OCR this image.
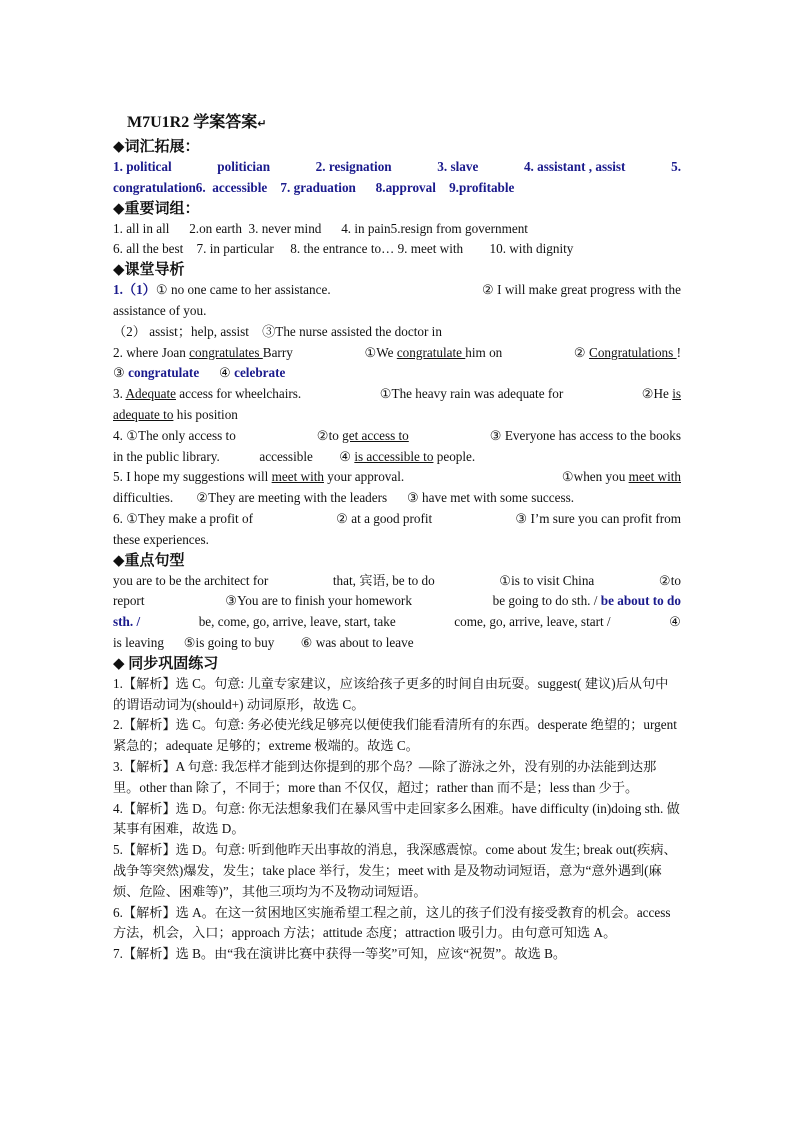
M7U1R2 学案答案↵
◆词汇拓展：
1. political	politician	2. resignation	3. slave	4. assistant , assist	5.
congratulation6. accessible 7. graduation 8.approval 9.profitable
◆重要词组：
1. all in all 2.on earth 3. never mind 4. in pain5.resign from government
6. all the best 7. in particular 8. the entrance to… 9. meet with 10. with dignity
◆课堂导析
1.（1）① no one came to her assistance.	② I will make great progress with the
assistance of you.
（2） assist；help, assist ③The nurse assisted the doctor in
2. where Joan congratulates Barry	①We congratulate him on	② Congratulations !
③ congratulate ④ celebrate
3. Adequate access for wheelchairs.	①The heavy rain was adequate for	②He is
adequate to his position
4. ①The only access to	②to get access to	③ Everyone has access to the books
in the public library.	accessible ④ is accessible to people.
5. I hope my suggestions will meet with your approval.	①when you meet with
difficulties. ②They are meeting with the leaders ③ have met with some success.
6. ①They make a profit of	② at a good profit	③ I’m sure you can profit from
these experiences.
◆重点句型
you are to be the architect for	that, 宾语, be to do	①is to visit China	②to
report	③You are to finish your homework	be going to do sth. / be about to do
sth. /	be, come, go, arrive, leave, start, take	come, go, arrive, leave, start /	④
is leaving ⑤is going to buy ⑥ was about to leave
◆ 同步巩固练习
1.【解析】选 C。句意: 儿童专家建议，应该给孩子更多的时间自由玩耍。suggest( 建议)后从句中的谓语动词为(should+) 动词原形，故选 C。
2.【解析】选 C。句意: 务必使光线足够亮以便使我们能看清所有的东西。desperate 绝望的；urgent 紧急的；adequate 足够的；extreme 极端的。故选 C。
3.【解析】A 句意: 我怎样才能到达你提到的那个岛？—除了游泳之外，没有别的办法能到达那里。other than 除了，不同于；more than 不仅仅，超过；rather than 而不是；less than 少于。
4.【解析】选 D。句意: 你无法想象我们在暴风雪中走回家多么困难。have difficulty (in)doing sth. 做某事有困难，故选 D。
5.【解析】选 D。句意: 听到他昨天出事故的消息，我深感震惊。come about 发生; break out(疾病、战争等突然)爆发，发生；take place 举行，发生；meet with 是及物动词短语，意为“意外遇到(麻烦、危险、困难等)”，其他三项均为不及物动词短语。
6.【解析】选 A。在这一贫困地区实施希望工程之前，这儿的孩子们没有接受教育的机会。access 方法，机会，入口；approach 方法；attitude 态度；attraction 吸引力。由句意可知选 A。
7.【解析】选 B。由“我在演讲比赛中获得一等奖”可知，应该“祝贺”。故选 B。
